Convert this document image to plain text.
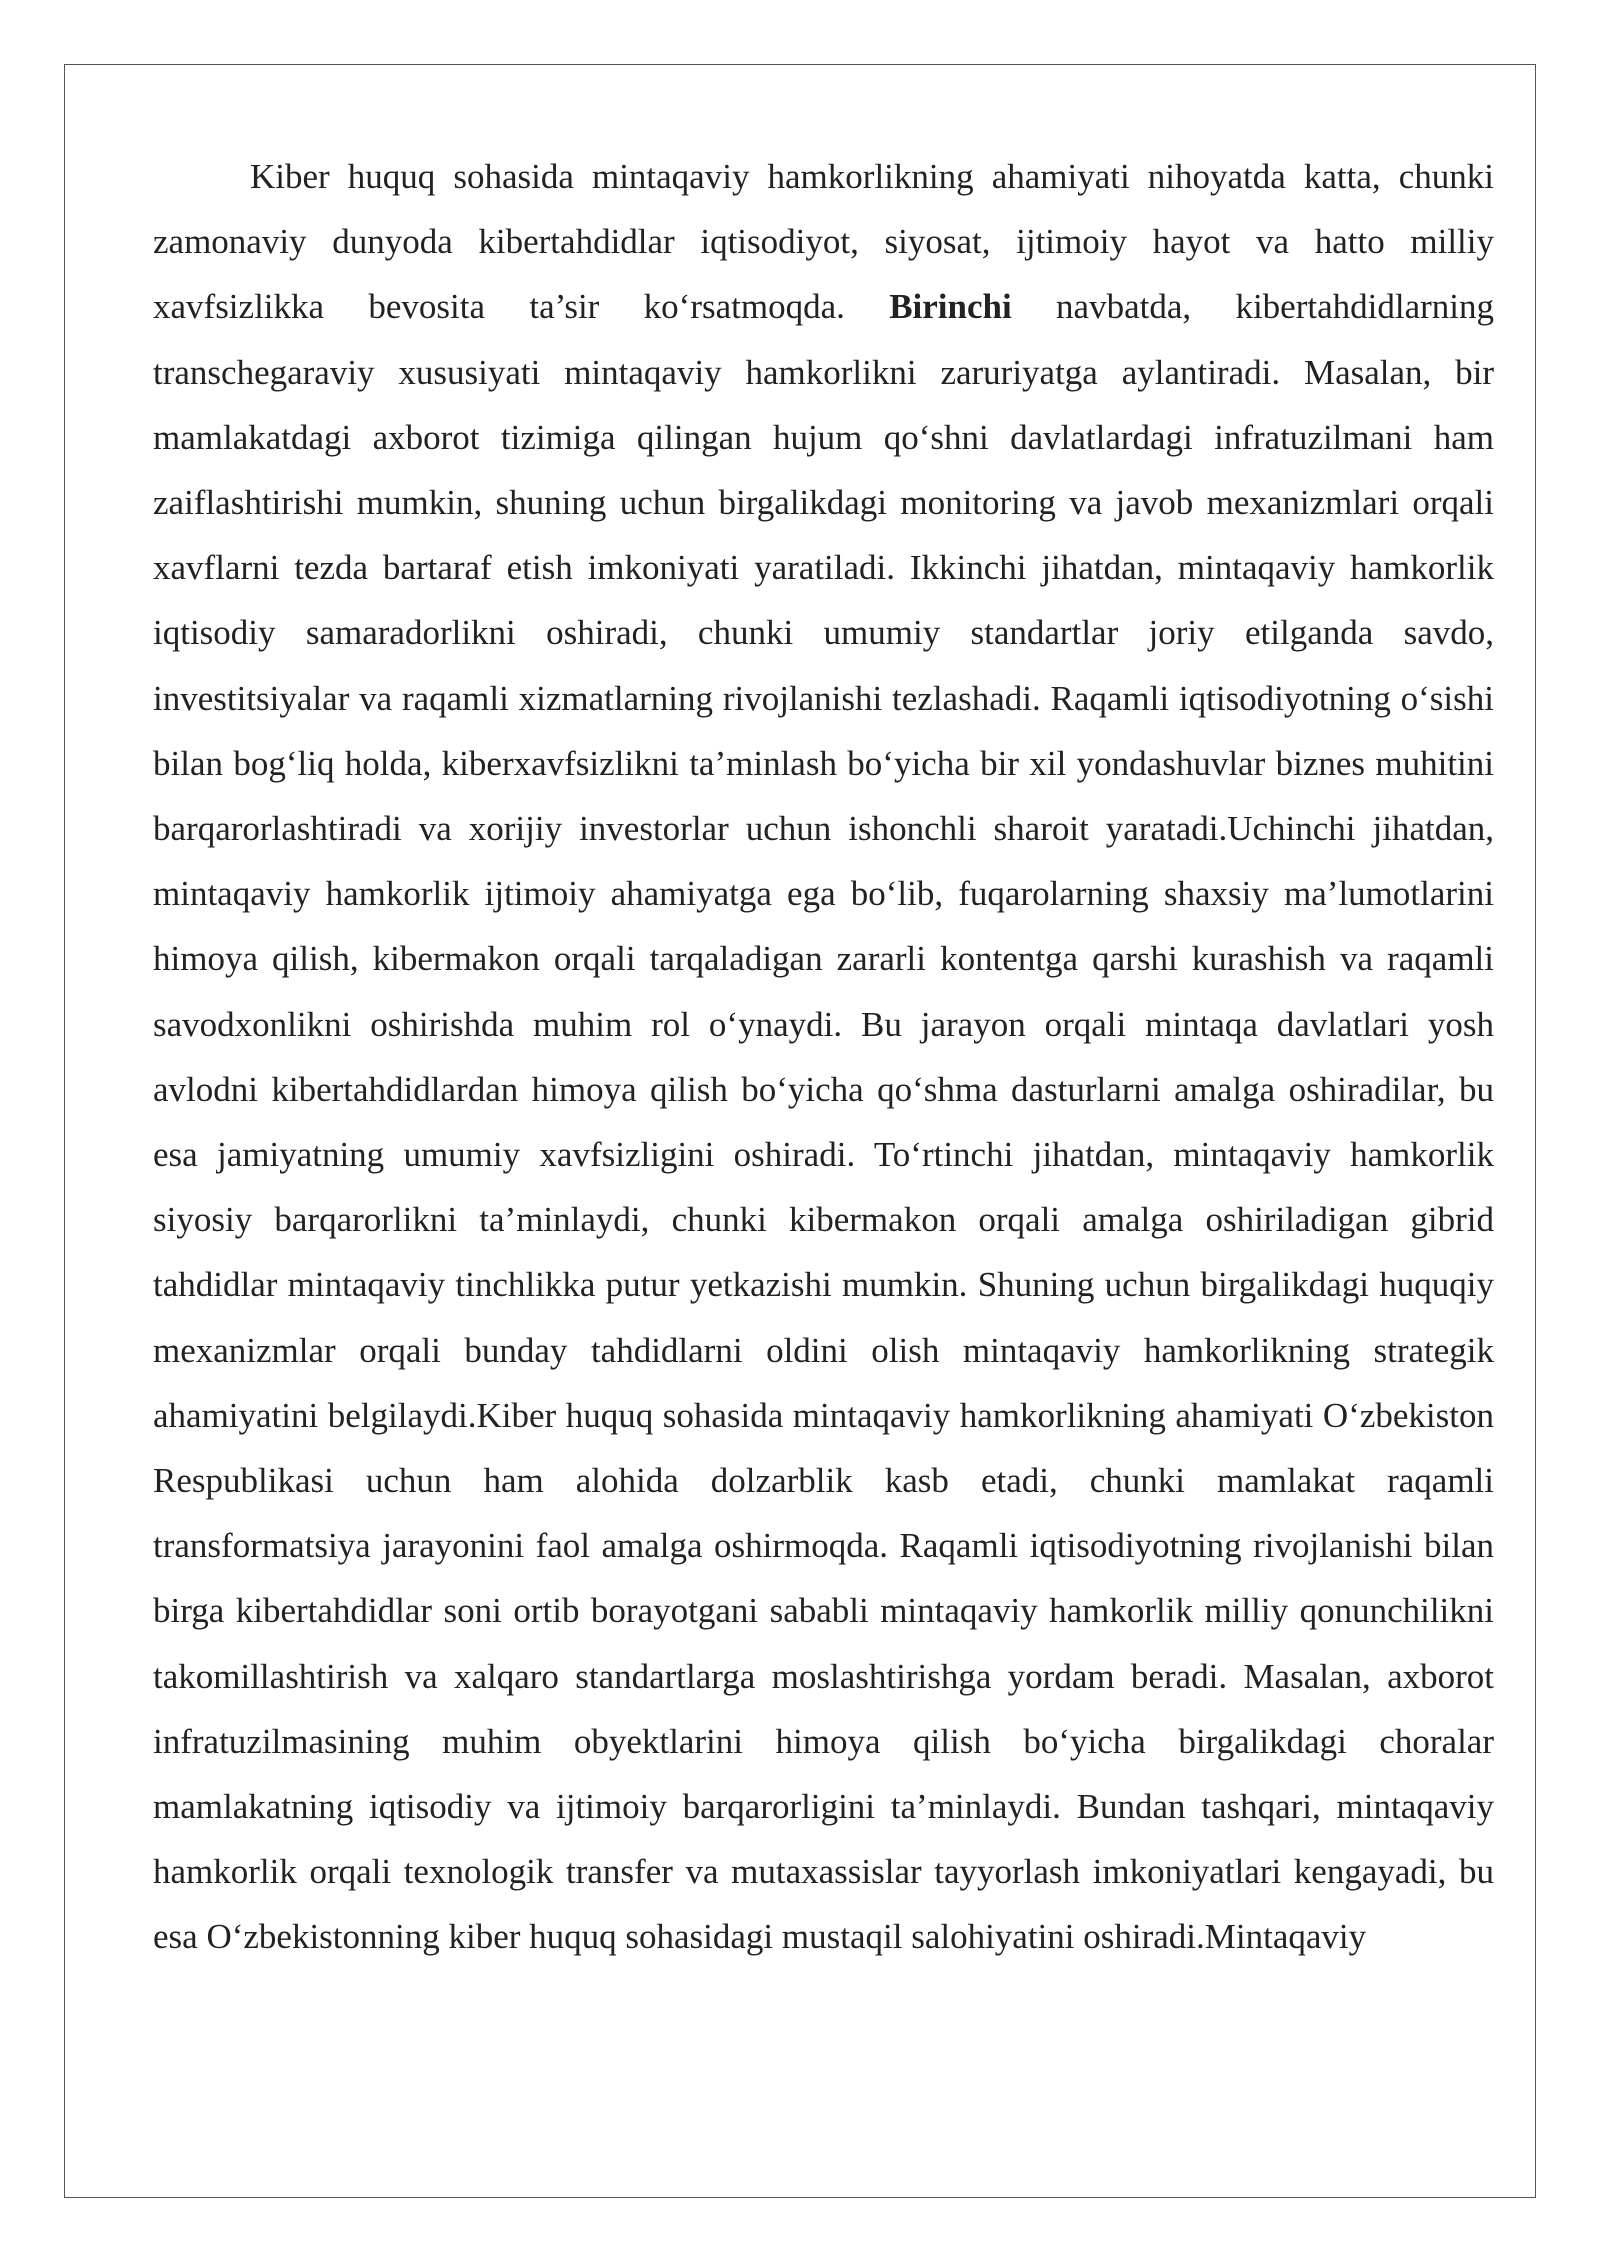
Kiber huquq sohasida mintaqaviy hamkorlikning ahamiyati nihoyatda katta, chunki zamonaviy dunyoda kibertahdidlar iqtisodiyot, siyosat, ijtimoiy hayot va hatto milliy xavfsizlikka bevosita ta’sir ko‘rsatmoqda. Birinchi navbatda, kibertahdidlarning transchegaraviy xususiyati mintaqaviy hamkorlikni zaruriyatga aylantiradi. Masalan, bir mamlakatdagi axborot tizimiga qilingan hujum qo‘shni davlatlardagi infratuzilmani ham zaiflashtirishi mumkin, shuning uchun birgalikdagi monitoring va javob mexanizmlari orqali xavflarni tezda bartaraf etish imkoniyati yaratiladi. Ikkinchi jihatdan, mintaqaviy hamkorlik iqtisodiy samaradorlikni oshiradi, chunki umumiy standartlar joriy etilganda savdo, investitsiyalar va raqamli xizmatlarning rivojlanishi tezlashadi. Raqamli iqtisodiyotning o‘sishi bilan bog‘liq holda, kiberxavfsizlikni ta’minlash bo‘yicha bir xil yondashuvlar biznes muhitini barqarorlashtiradi va xorijiy investorlar uchun ishonchli sharoit yaratadi.Uchinchi jihatdan, mintaqaviy hamkorlik ijtimoiy ahamiyatga ega bo‘lib, fuqarolarning shaxsiy ma’lumotlarini himoya qilish, kibermakon orqali tarqaladigan zararli kontentga qarshi kurashish va raqamli savodxonlikni oshirishda muhim rol o‘ynaydi. Bu jarayon orqali mintaqa davlatlari yosh avlodni kibertahdidlardan himoya qilish bo‘yicha qo‘shma dasturlarni amalga oshiradilar, bu esa jamiyatning umumiy xavfsizligini oshiradi. To‘rtinchi jihatdan, mintaqaviy hamkorlik siyosiy barqarorlikni ta’minlaydi, chunki kibermakon orqali amalga oshiriladigan gibrid tahdidlar mintaqaviy tinchlikka putur yetkazishi mumkin. Shuning uchun birgalikdagi huquqiy mexanizmlar orqali bunday tahdidlarni oldini olish mintaqaviy hamkorlikning strategik ahamiyatini belgilaydi.Kiber huquq sohasida mintaqaviy hamkorlikning ahamiyati O‘zbekiston Respublikasi uchun ham alohida dolzarblik kasb etadi, chunki mamlakat raqamli transformatsiya jarayonini faol amalga oshirmoqda. Raqamli iqtisodiyotning rivojlanishi bilan birga kibertahdidlar soni ortib borayotgani sababli mintaqaviy hamkorlik milliy qonunchilikni takomillashtirish va xalqaro standartlarga moslashtirishga yordam beradi. Masalan, axborot infratuzilmasining muhim obyektlarini himoya qilish bo‘yicha birgalikdagi choralar mamlakatning iqtisodiy va ijtimoiy barqarorligini ta’minlaydi. Bundan tashqari, mintaqaviy hamkorlik orqali texnologik transfer va mutaxassislar tayyorlash imkoniyatlari kengayadi, bu esa O‘zbekistonning kiber huquq sohasidagi mustaqil salohiyatini oshiradi.Mintaqaviy
